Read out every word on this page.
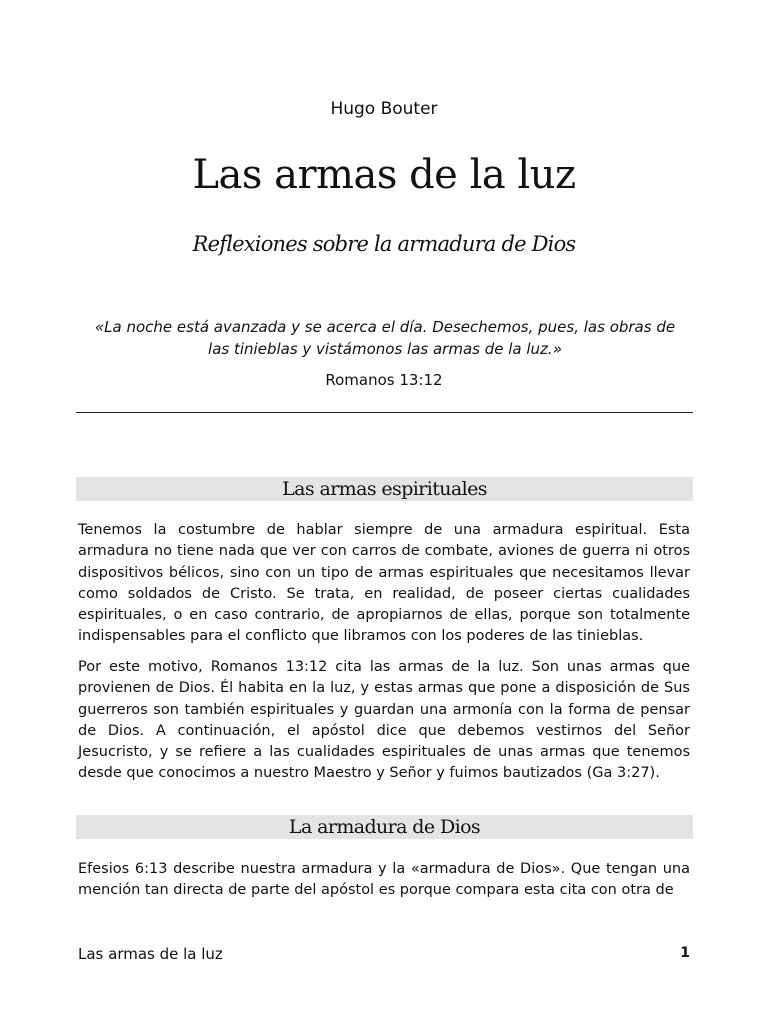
Hugo Bouter
Las armas de la luz
Reflexiones sobre la armadura de Dios
«La noche está avanzada y se acerca el día. Desechemos, pues, las obras de las tinieblas y vistámonos las armas de la luz.»
Romanos 13:12
Las armas espirituales

Tenemos la costumbre de hablar siempre de una armadura espiritual. Esta armadura no tiene nada que ver con carros de combate, aviones de guerra ni otros dispositivos bélicos, sino con un tipo de armas espirituales que necesitamos llevar como soldados de Cristo. Se trata, en realidad, de poseer ciertas cualidades espirituales, o en caso contrario, de apropiarnos de ellas, porque son totalmente indispensables para el conflicto que libramos con los poderes de las tinieblas.

Por este motivo, Romanos 13:12 cita las armas de la luz. Son unas armas que provienen de Dios. Él habita en la luz, y estas armas que pone a disposición de Sus guerreros son también espirituales y guardan una armonía con la forma de pensar de Dios. A continuación, el apóstol dice que debemos vestirnos del Señor Jesucristo, y se refiere a las cualidades espirituales de unas armas que tenemos desde que conocimos a nuestro Maestro y Señor y fuimos bautizados (Ga 3:27).

La armadura de Dios

Efesios 6:13 describe nuestra armadura y la «armadura de Dios». Que tengan una mención tan directa de parte del apóstol es porque compara esta cita con otra de

Las armas de la luz	1
